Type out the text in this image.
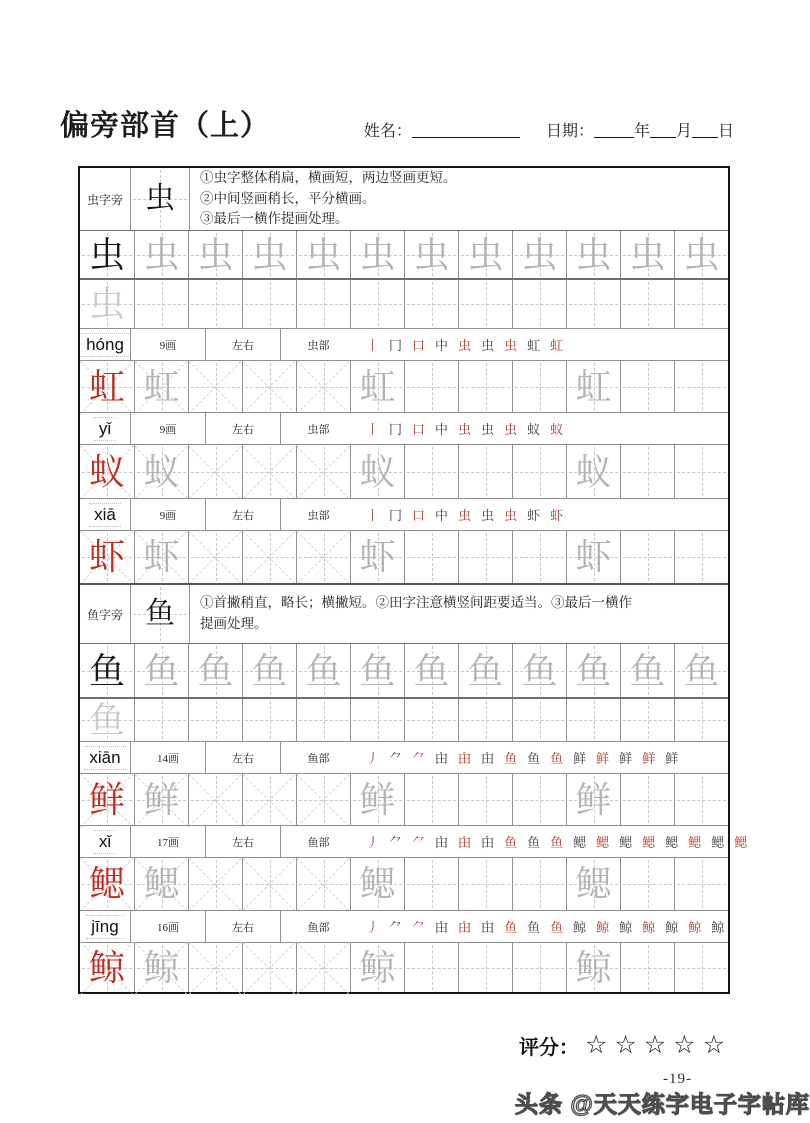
偏旁部首（上）	姓名：	日期：	年 月 日
虫字旁 虫
①虫字整体稍扁，横画短，两边竖画更短。
②中间竖画稍长，平分横画。
③最后一横作提画处理。
虫 虫 虫 虫 虫 虫 虫 虫 虫 虫 虫 虫
虫
hóng	9画	左右	虫部	丨 冂 口 中 虫 虫 虫 虹 虹
虹 虹	虹	虹
yǐ	9画	左右	虫部	丨 冂 口 中 虫 虫 虫 蚁 蚁
蚁 蚁	蚁	蚁
xiā	9画	左右	虫部	丨 冂 口 中 虫 虫 虫 虾 虾
虾 虾	虾	虾
鱼字旁 鱼	①首撇稍直，略长；横撇短。②田字注意横竖间距要适当。③最后一横作
提画处理。
鱼 鱼 鱼 鱼 鱼 鱼 鱼 鱼 鱼 鱼 鱼 鱼
鱼
xiān	14画	左右	鱼部	丿 ⺈ ⺈ 甶 甶 甶 鱼 鱼 鱼 鲜 鲜 鲜 鲜 鲜
鲜 鲜	鲜	鲜
xǐ	17画	左右	鱼部	丿 ⺈ ⺈ 甶 甶 甶 鱼 鱼 鱼 鳃 鳃 鳃 鳃 鳃 鳃 鳃 鳃
鳃 鳃	鳃	鳃
jīng	16画	左右	鱼部	丿 ⺈ ⺈ 甶 甶 甶 鱼 鱼 鱼 鲸 鲸 鲸 鲸 鲸 鲸 鲸
鲸 鲸	鲸	鲸
评分： ☆☆☆☆☆
-19-
头条 @天天练字电子字帖库
